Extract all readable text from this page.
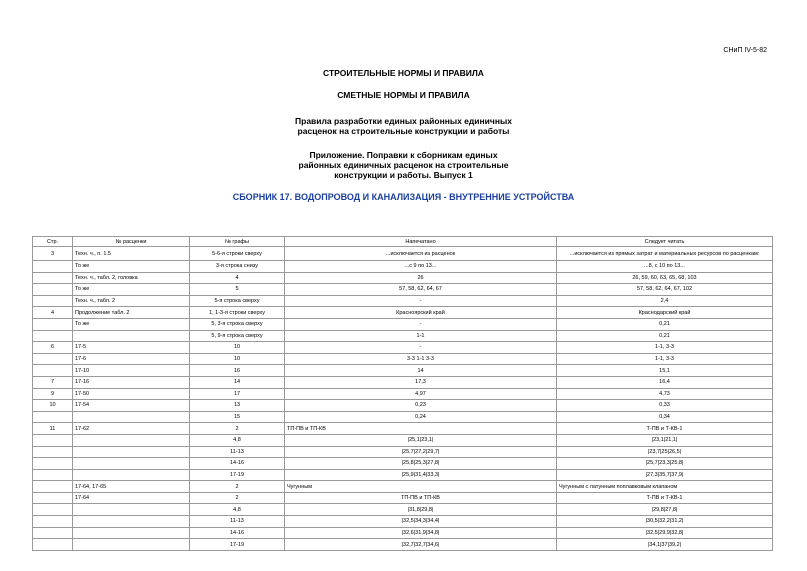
СНиП IV-5-82
СТРОИТЕЛЬНЫЕ НОРМЫ И ПРАВИЛА
СМЕТНЫЕ НОРМЫ И ПРАВИЛА
Правила разработки единых районных единичных
расценок на строительные конструкции и работы
Приложение. Поправки к сборникам единых
районных единичных расценок на строительные
конструкции и работы. Выпуск 1
СБОРНИК 17. ВОДОПРОВОД И КАНАЛИЗАЦИЯ - ВНУТРЕННИЕ УСТРОЙСТВА
Стр.	№ расценки	№ графы	Напечатано	Следует читать
3	Техн. ч., п. 1.5	5-6-я строки сверху	...исключается из расценок	...исключается из прямых затрат и материальных ресурсов по расценкам:
	То же	3-я строка снизу	...с 9 по 13...	...8, с 10 по 13...
	Техн. ч., табл. 2, головка	4	26	26, 59, 60, 63, 65, 68, 103
	То же	5	57, 58, 62, 64, 67	57, 58, 62, 64, 67, 102
	Техн. ч., табл. 2	5-я строка сверху	-	2,4
4	Продолжение табл. 2	1, 1-3-я строки сверху	Красноярский край	Краснодарский край
	То же	5, 3-я строка сверху	-	0,21
		5, 9-я строка сверху	1-1	0,21
6	17-5	10	-	1-1, 3-3
	17-6	10	3-3 1-1 3-3	1-1, 3-3
	17-10	16	14	15,1
7	17-16	14	17,3	16,4
9	17-50	17	4,97	4,73
10	17-54	13	0,23	0,33
		15	0,24	0,34
11	17-62	2	ТП-ПВ и ТП-КВ	Т-ПВ и Т-КВ-1
		4,8	|25,1|23,1|	|23,1|21,1|
		11-13	|25,7|27,2|29,7|	|23,7|25|26,5|
		14-16	|25,8|25,3|27,8|	|25,7|23,3|25,8|
		17-19	|25,9|31,4|33,3|	|27,3|35,7|37,9|
	17-64, 17-65	2	Чугунным	Чугунным с латунным поплавковым клапаном
	17-64	2	ТП-ПВ и ТП-КВ	Т-ПВ и Т-КВ-1
		4,8	|31,8|29,8|	|29,8|27,8|
		11-13	|32,5|34,3|34,4|	|30,5|32,2|31,2|
		14-16	|32,6|31,9|34,8|	|32,5|29,9|32,8|
		17-19	|32,7|32,7|34,6|	|34,1|37|39,2|
